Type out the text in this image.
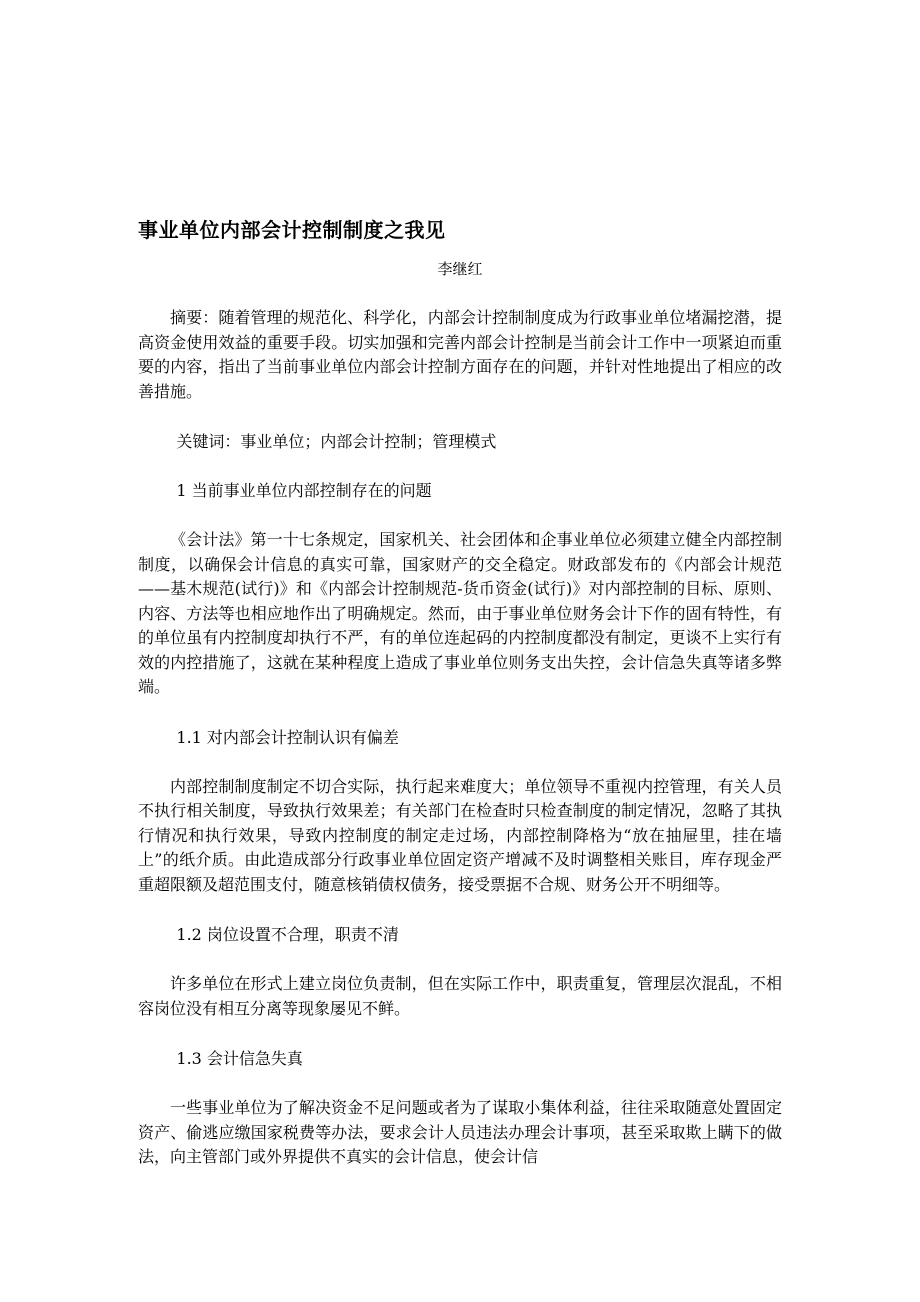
事业单位内部会计控制制度之我见

李继红

摘要：随着管理的规范化、科学化，内部会计控制制度成为行政事业单位堵漏挖潜，提高资金使用效益的重要手段。切实加强和完善内部会计控制是当前会计工作中一项紧迫而重要的内容，指出了当前事业单位内部会计控制方面存在的问题，并针对性地提出了相应的改善措施。

关键词：事业单位；内部会计控制；管理模式

1 当前事业单位内部控制存在的问题

《会计法》第一十七条规定，国家机关、社会团体和企事业单位必须建立健全内部控制制度，以确保会计信息的真实可靠，国家财产的交全稳定。财政部发布的《内部会计规范——基木规范(试行)》和《内部会计控制规范-货币资金(试行)》对内部控制的目标、原则、内容、方法等也相应地作出了明确规定。然而，由于事业单位财务会计下作的固有特性，有的单位虽有内控制度却执行不严，有的单位连起码的内控制度都没有制定，更谈不上实行有效的内控措施了，这就在某种程度上造成了事业单位则务支出失控，会计信急失真等诸多弊端。

1.1 对内部会计控制认识有偏差

内部控制制度制定不切合实际，执行起来难度大；单位领导不重视内控管理，有关人员不执行相关制度，导致执行效果差；有关部门在检查时只检查制度的制定情况，忽略了其执行情况和执行效果，导致内控制度的制定走过场，内部控制降格为“放在抽屉里，挂在墙上”的纸介质。由此造成部分行政事业单位固定资产增减不及时调整相关账目，库存现金严重超限额及超范围支付，随意核销债权债务，接受票据不合规、财务公开不明细等。

1.2 岗位设置不合理，职责不清

许多单位在形式上建立岗位负责制，但在实际工作中，职责重复，管理层次混乱，不相容岗位没有相互分离等现象屡见不鲜。

1.3 会计信急失真

一些事业单位为了解决资金不足问题或者为了谋取小集体利益，往往采取随意处置固定资产、偷逃应缴国家税费等办法，要求会计人员违法办理会计事项，甚至采取欺上瞒下的做法，向主管部门或外界提供不真实的会计信息，使会计信
